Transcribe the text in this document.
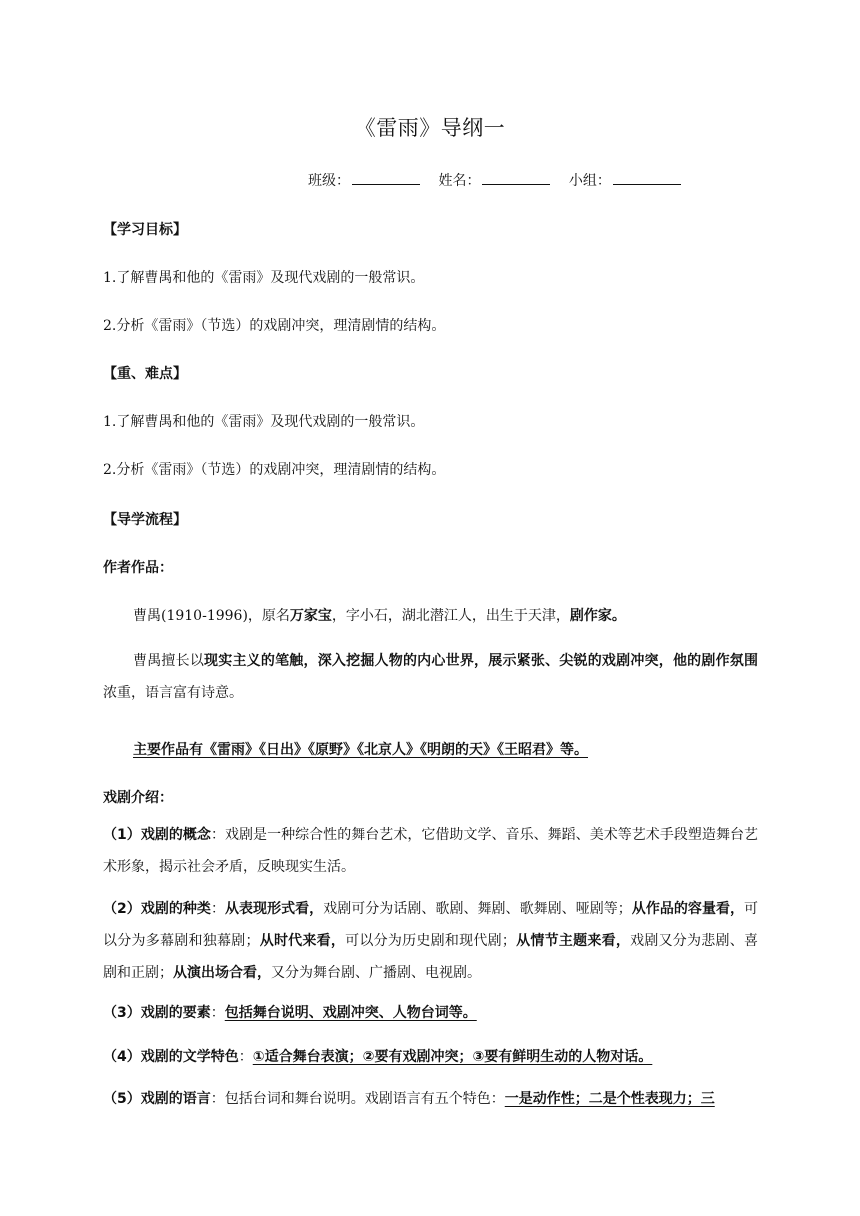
《雷雨》导纲一
班级：	姓名：	小组：
【学习目标】
1.了解曹禺和他的《雷雨》及现代戏剧的一般常识。
2.分析《雷雨》（节选）的戏剧冲突，理清剧情的结构。
【重、难点】
1.了解曹禺和他的《雷雨》及现代戏剧的一般常识。
2.分析《雷雨》（节选）的戏剧冲突，理清剧情的结构。
【导学流程】
作者作品：
曹禺(1910-1996)，原名万家宝，字小石，湖北潜江人，出生于天津，剧作家。
曹禺擅长以现实主义的笔触，深入挖掘人物的内心世界，展示紧张、尖锐的戏剧冲突，他的剧作氛围浓重，语言富有诗意。
主要作品有《雷雨》《日出》《原野》《北京人》《明朗的天》《王昭君》等。
戏剧介绍：
（1）戏剧的概念：戏剧是一种综合性的舞台艺术，它借助文学、音乐、舞蹈、美术等艺术手段塑造舞台艺术形象，揭示社会矛盾，反映现实生活。
（2）戏剧的种类：从表现形式看，戏剧可分为话剧、歌剧、舞剧、歌舞剧、哑剧等；从作品的容量看，可以分为多幕剧和独幕剧；从时代来看，可以分为历史剧和现代剧；从情节主题来看，戏剧又分为悲剧、喜剧和正剧；从演出场合看，又分为舞台剧、广播剧、电视剧。
（3）戏剧的要素：包括舞台说明、戏剧冲突、人物台词等。
（4）戏剧的文学特色：①适合舞台表演；②要有戏剧冲突；③要有鲜明生动的人物对话。
（5）戏剧的语言：包括台词和舞台说明。戏剧语言有五个特色：一是动作性；二是个性表现力；三
